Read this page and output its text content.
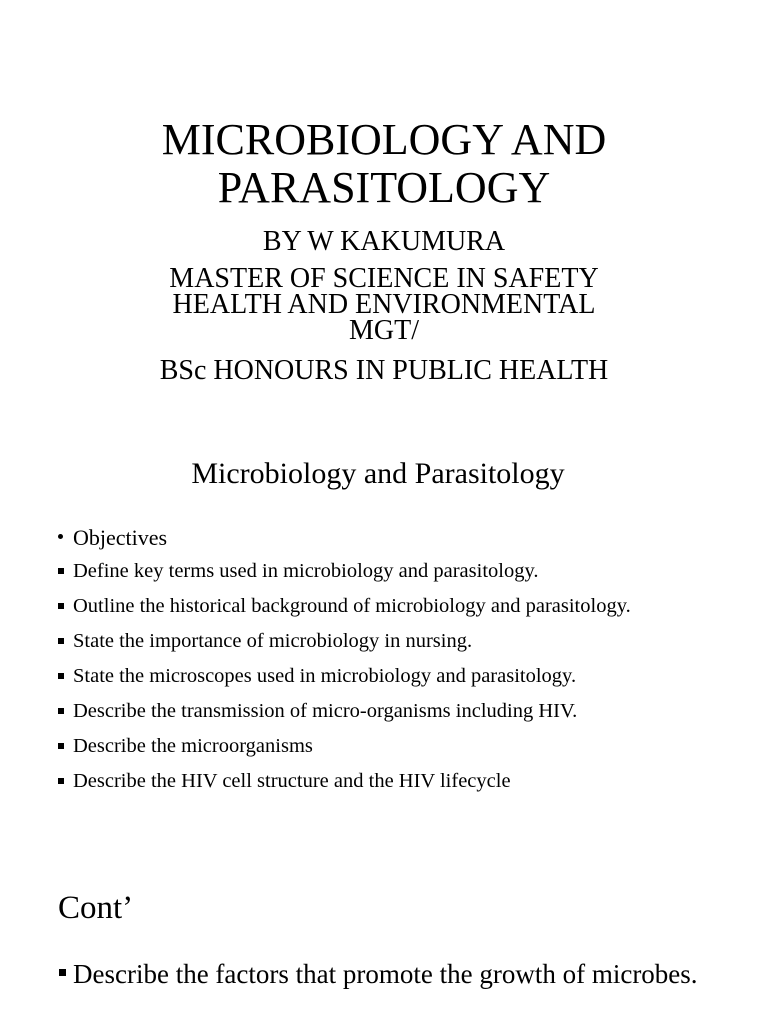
MICROBIOLOGY AND
PARASITOLOGY
BY W KAKUMURA
MASTER OF SCIENCE IN SAFETY
HEALTH AND ENVIRONMENTAL
MGT/
BSc HONOURS IN PUBLIC HEALTH
Microbiology and Parasitology
Objectives
Define key terms used in microbiology and parasitology.
Outline the historical background of microbiology and parasitology.
State the importance of microbiology in nursing.
State the microscopes used in microbiology and parasitology.
Describe the transmission of micro-organisms including HIV.
Describe the microorganisms
Describe the HIV cell structure and the HIV lifecycle
Cont’
Describe the factors that promote the growth of microbes.
